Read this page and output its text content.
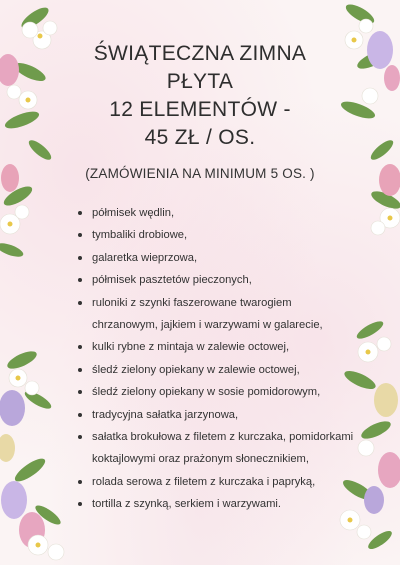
ŚWIĄTECZNA ZIMNA
PŁYTA
12 ELEMENTÓW -
45 ZŁ / OS.
(ZAMÓWIENIA NA MINIMUM 5 OS. )
półmisek wędlin,
tymbaliki drobiowe,
galaretka wieprzowa,
półmisek pasztetów pieczonych,
ruloniki z szynki faszerowane twarogiem chrzanowym, jajkiem i warzywami w galarecie,
kulki rybne z mintaja w zalewie octowej,
śledź zielony opiekany w zalewie octowej,
śledź zielony opiekany w sosie pomidorowym,
tradycyjna sałatka jarzynowa,
sałatka brokułowa z filetem z kurczaka, pomidorkami koktajlowymi oraz prażonym słonecznikiem,
rolada serowa z filetem z kurczaka i papryką,
tortilla z szynką, serkiem i warzywami.
